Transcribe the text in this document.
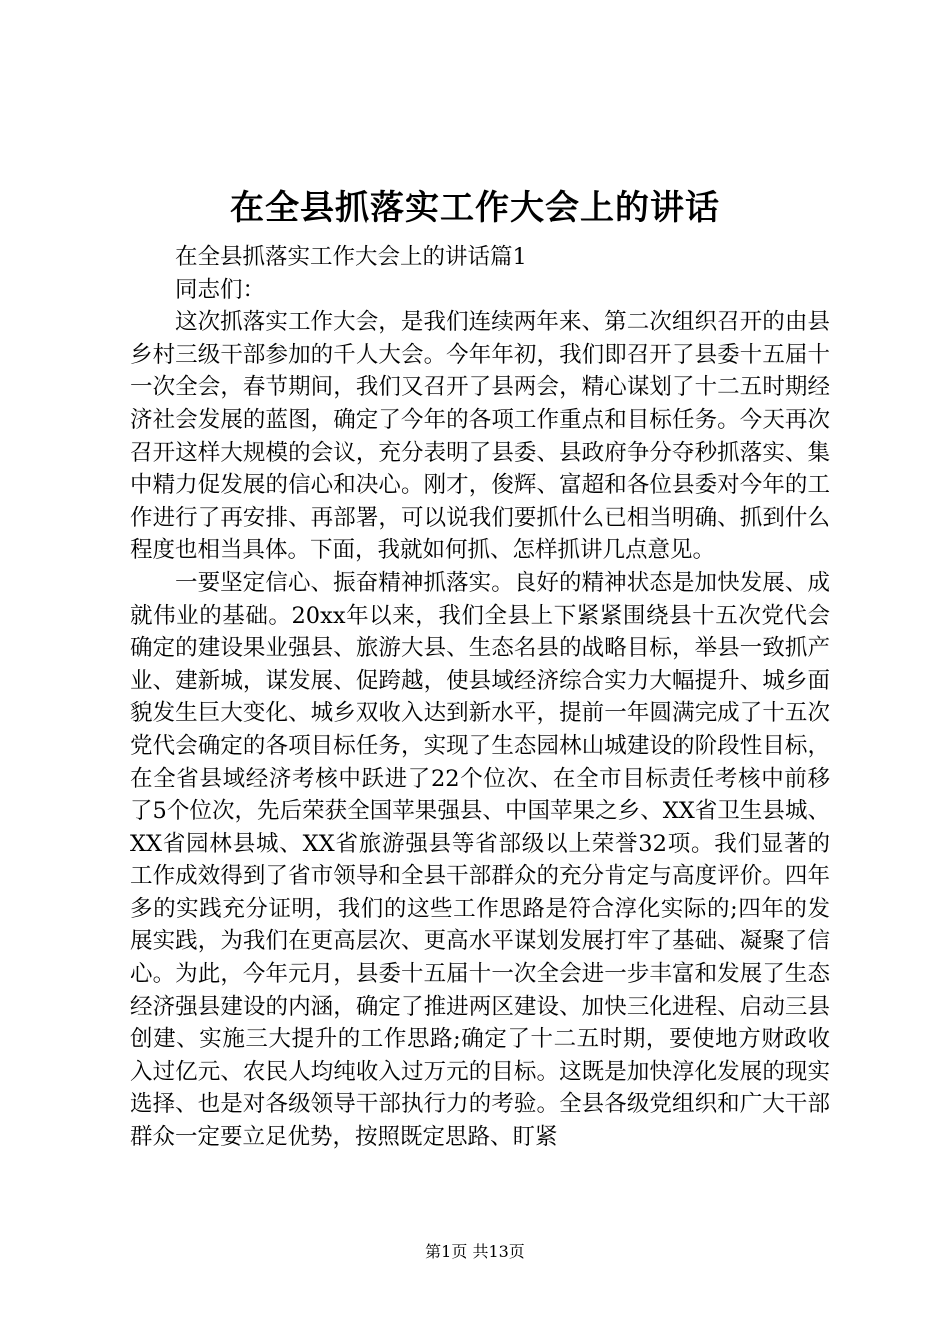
在全县抓落实工作大会上的讲话

在全县抓落实工作大会上的讲话篇1

同志们：

这次抓落实工作大会，是我们连续两年来、第二次组织召开的由县乡村三级干部参加的千人大会。今年年初，我们即召开了县委十五届十一次全会，春节期间，我们又召开了县两会，精心谋划了十二五时期经济社会发展的蓝图，确定了今年的各项工作重点和目标任务。今天再次召开这样大规模的会议，充分表明了县委、县政府争分夺秒抓落实、集中精力促发展的信心和决心。刚才，俊辉、富超和各位县委对今年的工作进行了再安排、再部署，可以说我们要抓什么已相当明确、抓到什么程度也相当具体。下面，我就如何抓、怎样抓讲几点意见。

一要坚定信心、振奋精神抓落实。良好的精神状态是加快发展、成就伟业的基础。20xx年以来，我们全县上下紧紧围绕县十五次党代会确定的建设果业强县、旅游大县、生态名县的战略目标，举县一致抓产业、建新城，谋发展、促跨越，使县域经济综合实力大幅提升、城乡面貌发生巨大变化、城乡双收入达到新水平，提前一年圆满完成了十五次党代会确定的各项目标任务，实现了生态园林山城建设的阶段性目标，在全省县域经济考核中跃进了22个位次、在全市目标责任考核中前移了5个位次，先后荣获全国苹果强县、中国苹果之乡、XX省卫生县城、XX省园林县城、XX省旅游强县等省部级以上荣誉32项。我们显著的工作成效得到了省市领导和全县干部群众的充分肯定与高度评价。四年多的实践充分证明，我们的这些工作思路是符合淳化实际的;四年的发展实践，为我们在更高层次、更高水平谋划发展打牢了基础、凝聚了信心。为此，今年元月，县委十五届十一次全会进一步丰富和发展了生态经济强县建设的内涵，确定了推进两区建设、加快三化进程、启动三县创建、实施三大提升的工作思路;确定了十二五时期，要使地方财政收入过亿元、农民人均纯收入过万元的目标。这既是加快淳化发展的现实选择、也是对各级领导干部执行力的考验。全县各级党组织和广大干部群众一定要立足优势，按照既定思路、盯紧

第1页 共13页
